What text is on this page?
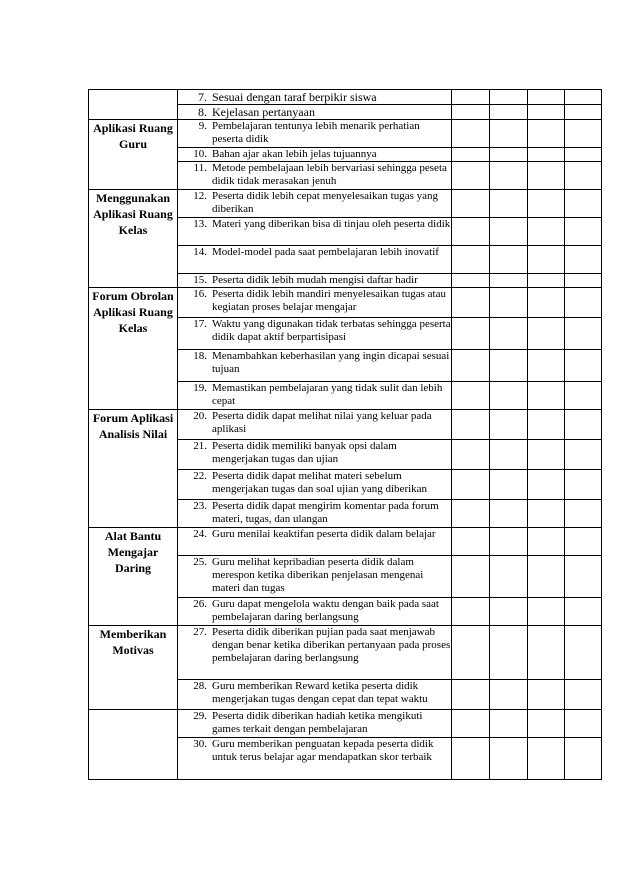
	7. Sesuai dengan taraf berpikir siswa				

	8. Kejelasan pertanyaan				

Aplikasi Ruang Guru	9. Pembelajaran tentunya lebih menarik perhatian peserta didik				

	10. Bahan ajar akan lebih jelas tujuannya				

	11. Metode pembelajaan lebih bervariasi sehingga peseta didik tidak merasakan jenuh				

Menggunakan Aplikasi Ruang Kelas	12. Peserta didik lebih cepat menyelesaikan tugas yang diberikan				

	13. Materi yang diberikan bisa di tinjau oleh peserta didik				

	14. Model-model pada saat pembelajaran lebih inovatif				

	15. Peserta didik lebih mudah mengisi daftar hadir				

Forum Obrolan Aplikasi Ruang Kelas	16. Peserta didik lebih mandiri menyelesaikan tugas atau kegiatan proses belajar mengajar				

	17. Waktu yang digunakan tidak terbatas sehingga peserta didik dapat aktif berpartisipasi				

	18. Menambahkan keberhasilan yang ingin dicapai sesuai tujuan				

	19. Memastikan pembelajaran yang tidak sulit dan lebih cepat				

Forum Aplikasi Analisis Nilai	20. Peserta didik dapat melihat nilai yang keluar pada aplikasi				

	21. Peserta didik memiliki banyak opsi dalam mengerjakan tugas dan ujian				

	22. Peserta didik dapat melihat materi sebelum mengerjakan tugas dan soal ujian yang diberikan				

	23. Peserta didik dapat mengirim komentar pada forum materi, tugas, dan ulangan				

Alat Bantu Mengajar Daring	24. Guru menilai keaktifan peserta didik dalam belajar				

	25. Guru melihat kepribadian peserta didik dalam merespon ketika diberikan penjelasan mengenai materi dan tugas				

	26. Guru dapat mengelola waktu dengan baik pada saat pembelajaran daring berlangsung				

Memberikan Motivas	27. Peserta didik diberikan pujian pada saat menjawab dengan benar ketika diberikan pertanyaan pada proses pembelajaran daring berlangsung				

	28. Guru memberikan Reward ketika peserta didik mengerjakan tugas dengan cepat dan tepat waktu				

	29. Peserta didik diberikan hadiah ketika mengikuti games terkait dengan pembelajaran				

	30. Guru memberikan penguatan kepada peserta didik untuk terus belajar agar mendapatkan skor terbaik				
